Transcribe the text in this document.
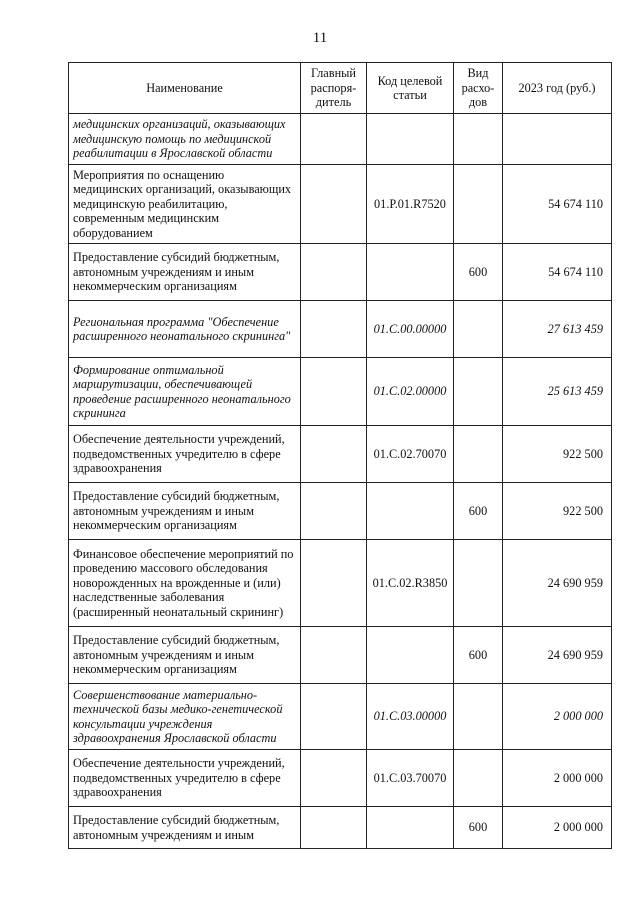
11
Наименование	Главный распоря-дитель	Код целевой статьи	Вид расхо-дов	2023 год (руб.)
медицинских организаций, оказывающих медицинскую помощь по медицинской реабилитации в Ярославской области				
Мероприятия по оснащению медицинских организаций, оказывающих медицинскую реабилитацию, современным медицинским оборудованием		01.Р.01.R7520		54 674 110
Предоставление субсидий бюджетным, автономным учреждениям и иным некоммерческим организациям			600	54 674 110
Региональная программа "Обеспечение расширенного неонатального скрининга"		01.С.00.00000		27 613 459
Формирование оптимальной маршрутизации, обеспечивающей проведение расширенного неонатального скрининга		01.С.02.00000		25 613 459
Обеспечение деятельности учреждений, подведомственных учредителю в сфере здравоохранения		01.С.02.70070		922 500
Предоставление субсидий бюджетным, автономным учреждениям и иным некоммерческим организациям			600	922 500
Финансовое обеспечение мероприятий по проведению массового обследования новорожденных на врожденные и (или) наследственные заболевания (расширенный неонатальный скрининг)		01.С.02.R3850		24 690 959
Предоставление субсидий бюджетным, автономным учреждениям и иным некоммерческим организациям			600	24 690 959
Совершенствование материально-технической базы медико-генетической консультации учреждения здравоохранения Ярославской области		01.С.03.00000		2 000 000
Обеспечение деятельности учреждений, подведомственных учредителю в сфере здравоохранения		01.С.03.70070		2 000 000
Предоставление субсидий бюджетным, автономным учреждениям и иным			600	2 000 000
